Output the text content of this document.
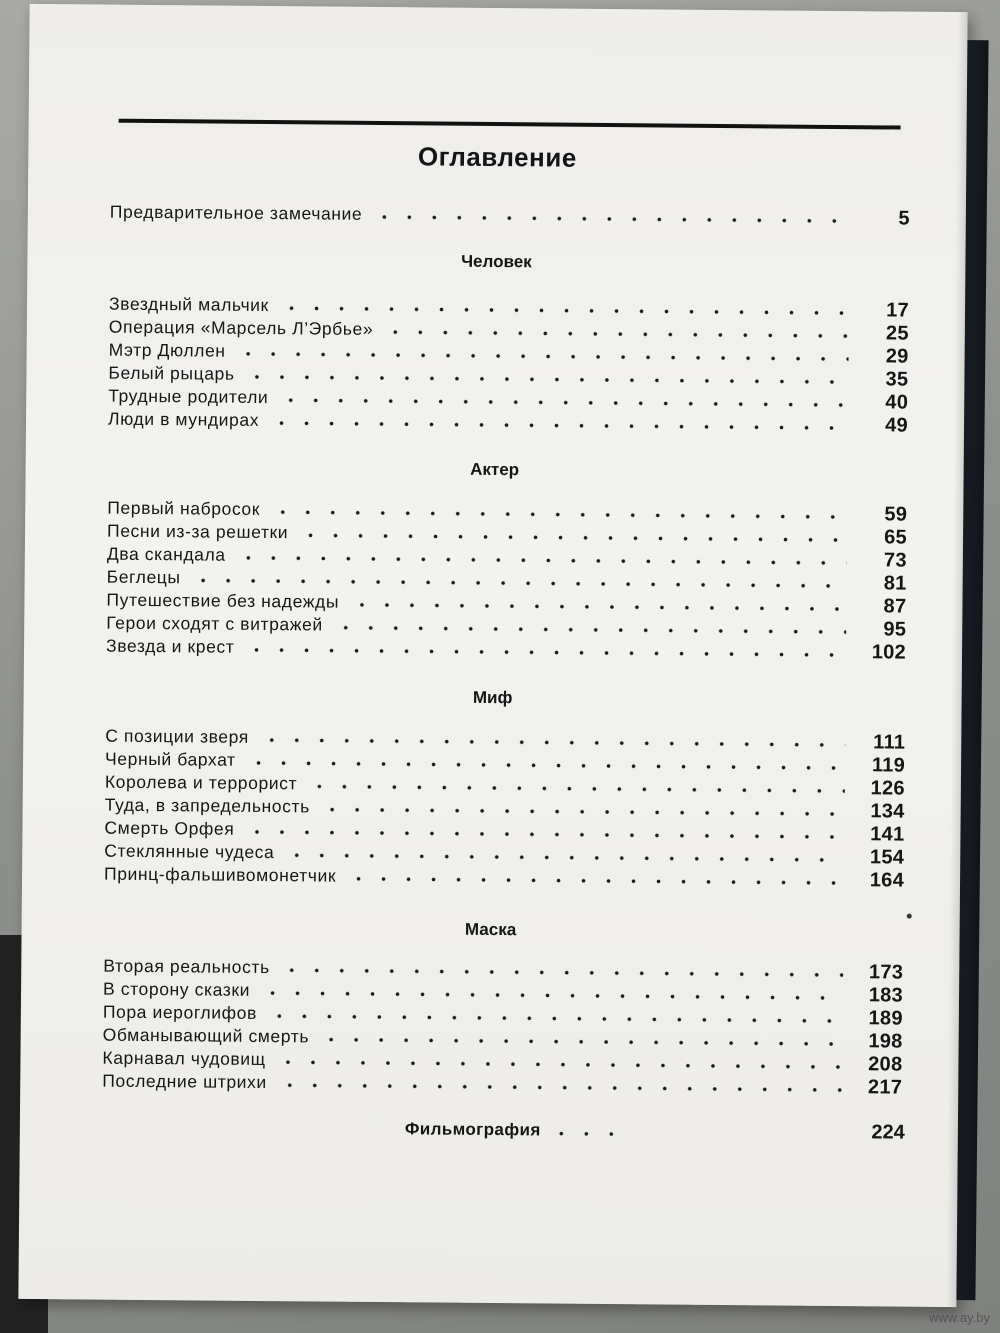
Оглавление
Предварительное замечание	5
Человек
Звездный мальчик	17
Операция «Марсель Л’Эрбье»	25
Мэтр Дюллен	29
Белый рыцарь	35
Трудные родители	40
Люди в мундирах	49
Актер
Первый набросок	59
Песни из-за решетки	65
Два скандала	73
Беглецы	81
Путешествие без надежды	87
Герои сходят с витражей	95
Звезда и крест	102
Миф
С позиции зверя	111
Черный бархат	119
Королева и террорист	126
Туда, в запредельность	134
Смерть Орфея	141
Стеклянные чудеса	154
Принц-фальшивомонетчик	164
Маска
Вторая реальность	173
В сторону сказки	183
Пора иероглифов	189
Обманывающий смерть	198
Карнавал чудовищ	208
Последние штрихи	217
Фильмография	224
www.ay.by
